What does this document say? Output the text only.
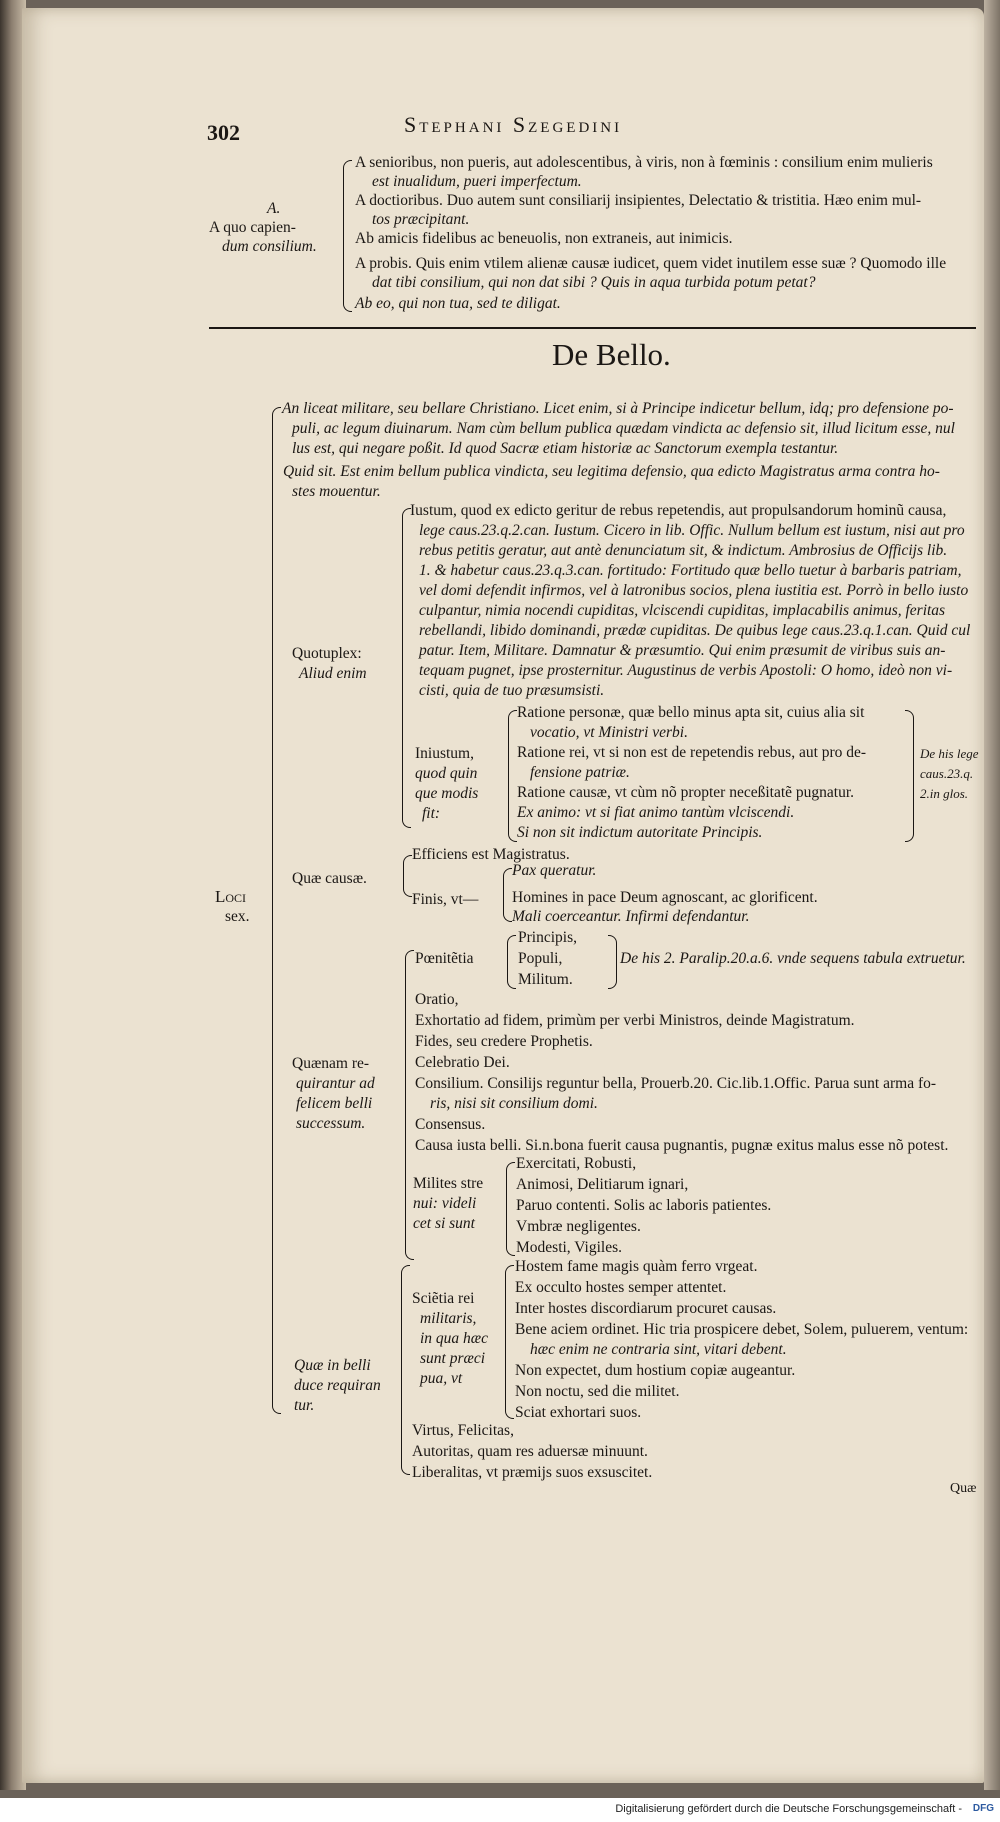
302	Stephani Szegedini
A.
A quo capien-
dum consilium.
A senioribus, non pueris, aut adolescentibus, à viris, non à fœminis : consilium enim mulieris
est inualidum, pueri imperfectum.
A doctioribus. Duo autem sunt consiliarij insipientes, Delectatio & tristitia. Hæo enim mul-
tos præcipitant.
Ab amicis fidelibus ac beneuolis, non extraneis, aut inimicis.
A probis. Quis enim vtilem alienæ causæ iudicet, quem videt inutilem esse suæ ? Quomodo ille
dat tibi consilium, qui non dat sibi ? Quis in aqua turbida potum petat?
Ab eo, qui non tua, sed te diligat.
De Bello.
Loci
sex.
An liceat militare, seu bellare Christiano. Licet enim, si à Principe indicetur bellum, idq; pro defensione po-
puli, ac legum diuinarum. Nam cùm bellum publica quædam vindicta ac defensio sit, illud licitum esse, nul
lus est, qui negare poßit. Id quod Sacræ etiam historiæ ac Sanctorum exempla testantur.
Quid sit. Est enim bellum publica vindicta, seu legitima defensio, qua edicto Magistratus arma contra ho-
stes mouentur.
Quotuplex:
Aliud enim
Iustum, quod ex edicto geritur de rebus repetendis, aut propulsandorum hominũ causa,
lege caus.23.q.2.can. Iustum. Cicero in lib. Offic. Nullum bellum est iustum, nisi aut pro
rebus petitis geratur, aut antè denunciatum sit, & indictum. Ambrosius de Officijs lib.
1. & habetur caus.23.q.3.can. fortitudo: Fortitudo quæ bello tuetur à barbaris patriam,
vel domi defendit infirmos, vel à latronibus socios, plena iustitia est. Porrò in bello iusto
culpantur, nimia nocendi cupiditas, vlciscendi cupiditas, implacabilis animus, feritas
rebellandi, libido dominandi, prædæ cupiditas. De quibus lege caus.23.q.1.can. Quid cul
patur. Item, Militare. Damnatur & præsumtio. Qui enim præsumit de viribus suis an-
tequam pugnet, ipse prosternitur. Augustinus de verbis Apostoli: O homo, ideò non vi-
cisti, quia de tuo præsumsisti.
Iniustum,
quod quin
que modis
fit:
Ratione personæ, quæ bello minus apta sit, cuius alia sit
vocatio, vt Ministri verbi.
Ratione rei, vt si non est de repetendis rebus, aut pro de-
fensione patriæ.
Ratione causæ, vt cùm nõ propter neceßitatẽ pugnatur.
Ex animo: vt si fiat animo tantùm vlciscendi.
Si non sit indictum autoritate Principis.
De his lege
caus.23.q.
2.in glos.
Quæ causæ.
Efficiens est Magistratus.
Finis, vt—
Pax queratur.
Homines in pace Deum agnoscant, ac glorificent.
Mali coerceantur. Infirmi defendantur.
Quænam re-
quirantur ad
felicem belli
successum.
Pœnitẽtia
Principis,
Populi,
Militum.
De his 2. Paralip.20.a.6. vnde sequens tabula extruetur.
Oratio,
Exhortatio ad fidem, primùm per verbi Ministros, deinde Magistratum.
Fides, seu credere Prophetis.
Celebratio Dei.
Consilium. Consilijs reguntur bella, Prouerb.20. Cic.lib.1.Offic. Parua sunt arma fo-
ris, nisi sit consilium domi.
Consensus.
Causa iusta belli. Si.n.bona fuerit causa pugnantis, pugnæ exitus malus esse nõ potest.
Milites stre
nui: videli
cet si sunt
Exercitati, Robusti,
Animosi, Delitiarum ignari,
Paruo contenti. Solis ac laboris patientes.
Vmbræ negligentes.
Modesti, Vigiles.
Quæ in belli
duce requiran
tur.
Sciẽtia rei
militaris,
in qua hæc
sunt præci
pua, vt
Hostem fame magis quàm ferro vrgeat.
Ex occulto hostes semper attentet.
Inter hostes discordiarum procuret causas.
Bene aciem ordinet. Hic tria prospicere debet, Solem, puluerem, ventum:
hæc enim ne contraria sint, vitari debent.
Non expectet, dum hostium copiæ augeantur.
Non noctu, sed die militet.
Sciat exhortari suos.
Virtus, Felicitas,
Autoritas, quam res aduersæ minuunt.
Liberalitas, vt præmijs suos exsuscitet.
Quæ
Digitalisierung gefördert durch die Deutsche Forschungsgemeinschaft - DFG
